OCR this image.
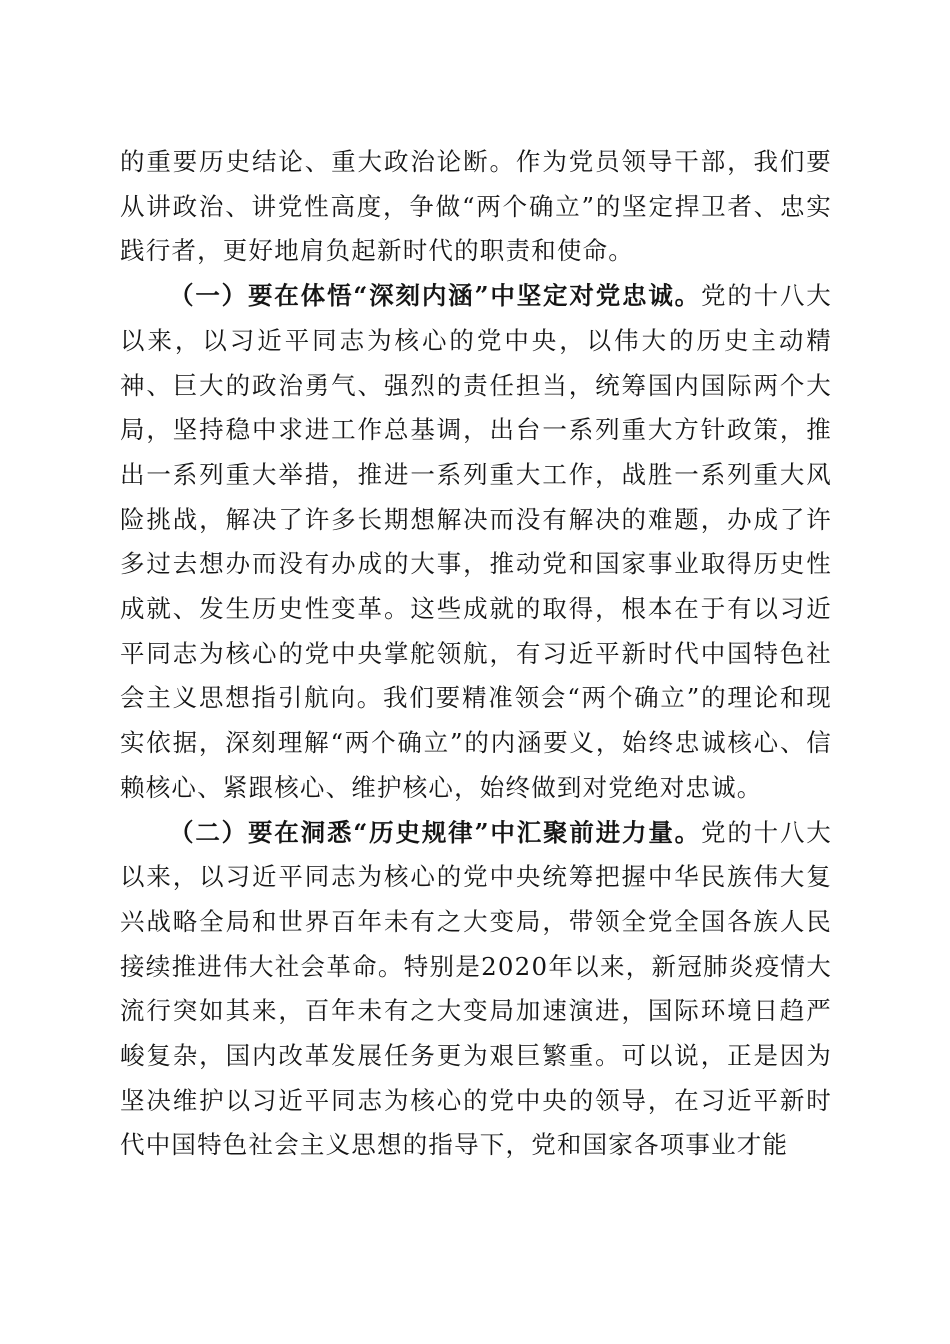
的重要历史结论、重大政治论断。作为党员领导干部，我们要从讲政治、讲党性高度，争做“两个确立”的坚定捍卫者、忠实践行者，更好地肩负起新时代的职责和使命。

（一）要在体悟“深刻内涵”中坚定对党忠诚。党的十八大以来，以习近平同志为核心的党中央，以伟大的历史主动精神、巨大的政治勇气、强烈的责任担当，统筹国内国际两个大局，坚持稳中求进工作总基调，出台一系列重大方针政策，推出一系列重大举措，推进一系列重大工作，战胜一系列重大风险挑战，解决了许多长期想解决而没有解决的难题，办成了许多过去想办而没有办成的大事，推动党和国家事业取得历史性成就、发生历史性变革。这些成就的取得，根本在于有以习近平同志为核心的党中央掌舵领航，有习近平新时代中国特色社会主义思想指引航向。我们要精准领会“两个确立”的理论和现实依据，深刻理解“两个确立”的内涵要义，始终忠诚核心、信赖核心、紧跟核心、维护核心，始终做到对党绝对忠诚。

（二）要在洞悉“历史规律”中汇聚前进力量。党的十八大以来，以习近平同志为核心的党中央统筹把握中华民族伟大复兴战略全局和世界百年未有之大变局，带领全党全国各族人民接续推进伟大社会革命。特别是2020年以来，新冠肺炎疫情大流行突如其来，百年未有之大变局加速演进，国际环境日趋严峻复杂，国内改革发展任务更为艰巨繁重。可以说，正是因为坚决维护以习近平同志为核心的党中央的领导，在习近平新时代中国特色社会主义思想的指导下，党和国家各项事业才能
